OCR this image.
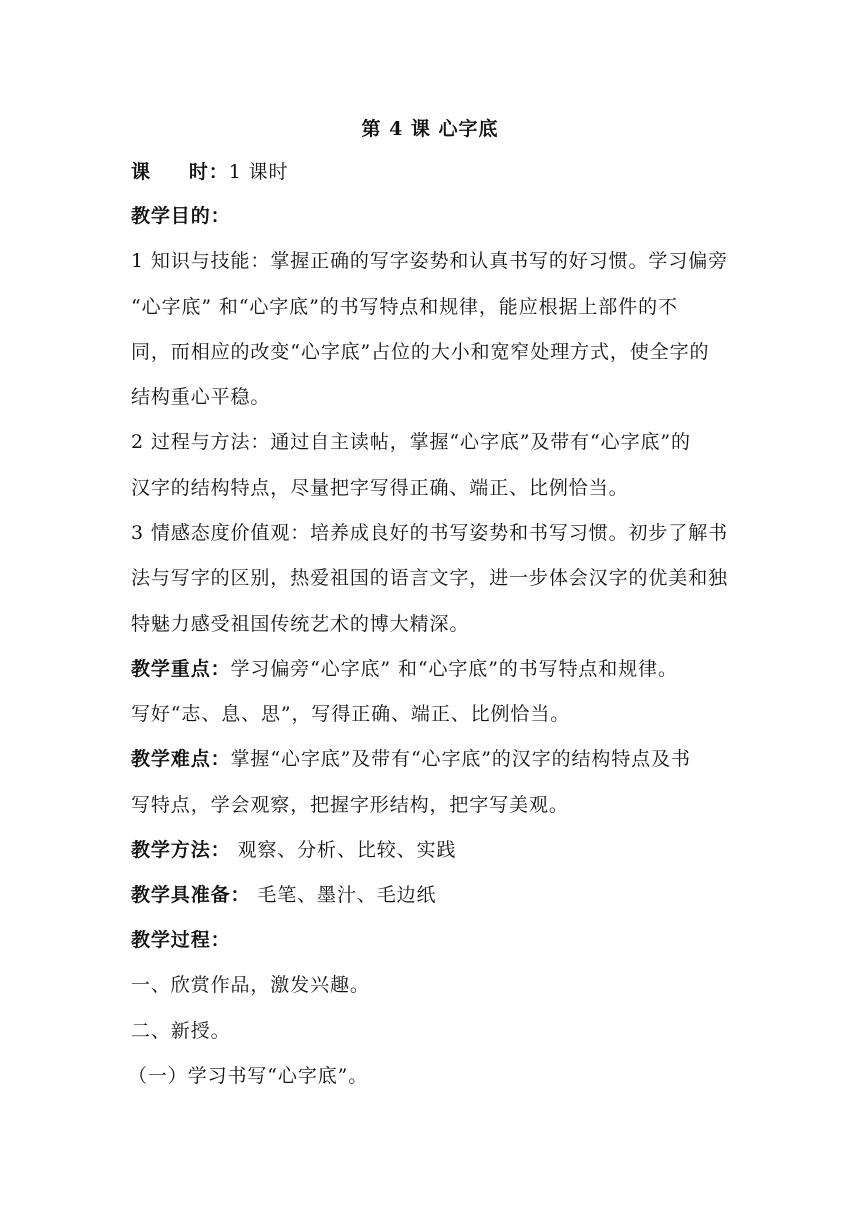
第 4 课 心字底
课 时：1 课时
教学目的：
1 知识与技能：掌握正确的写字姿势和认真书写的好习惯。学习偏旁
“心字底” 和“心字底”的书写特点和规律，能应根据上部件的不
同，而相应的改变“心字底”占位的大小和宽窄处理方式，使全字的
结构重心平稳。
2 过程与方法：通过自主读帖，掌握“心字底”及带有“心字底”的
汉字的结构特点，尽量把字写得正确、端正、比例恰当。
3 情感态度价值观：培养成良好的书写姿势和书写习惯。初步了解书
法与写字的区别，热爱祖国的语言文字，进一步体会汉字的优美和独
特魅力感受祖国传统艺术的博大精深。
教学重点：学习偏旁“心字底” 和“心字底”的书写特点和规律。
写好“志、息、思”，写得正确、端正、比例恰当。
教学难点：掌握“心字底”及带有“心字底”的汉字的结构特点及书
写特点，学会观察，把握字形结构，把字写美观。
教学方法： 观察、分析、比较、实践
教学具准备： 毛笔、墨汁、毛边纸
教学过程：
一、欣赏作品，激发兴趣。
二、新授。
（一）学习书写“心字底”。
